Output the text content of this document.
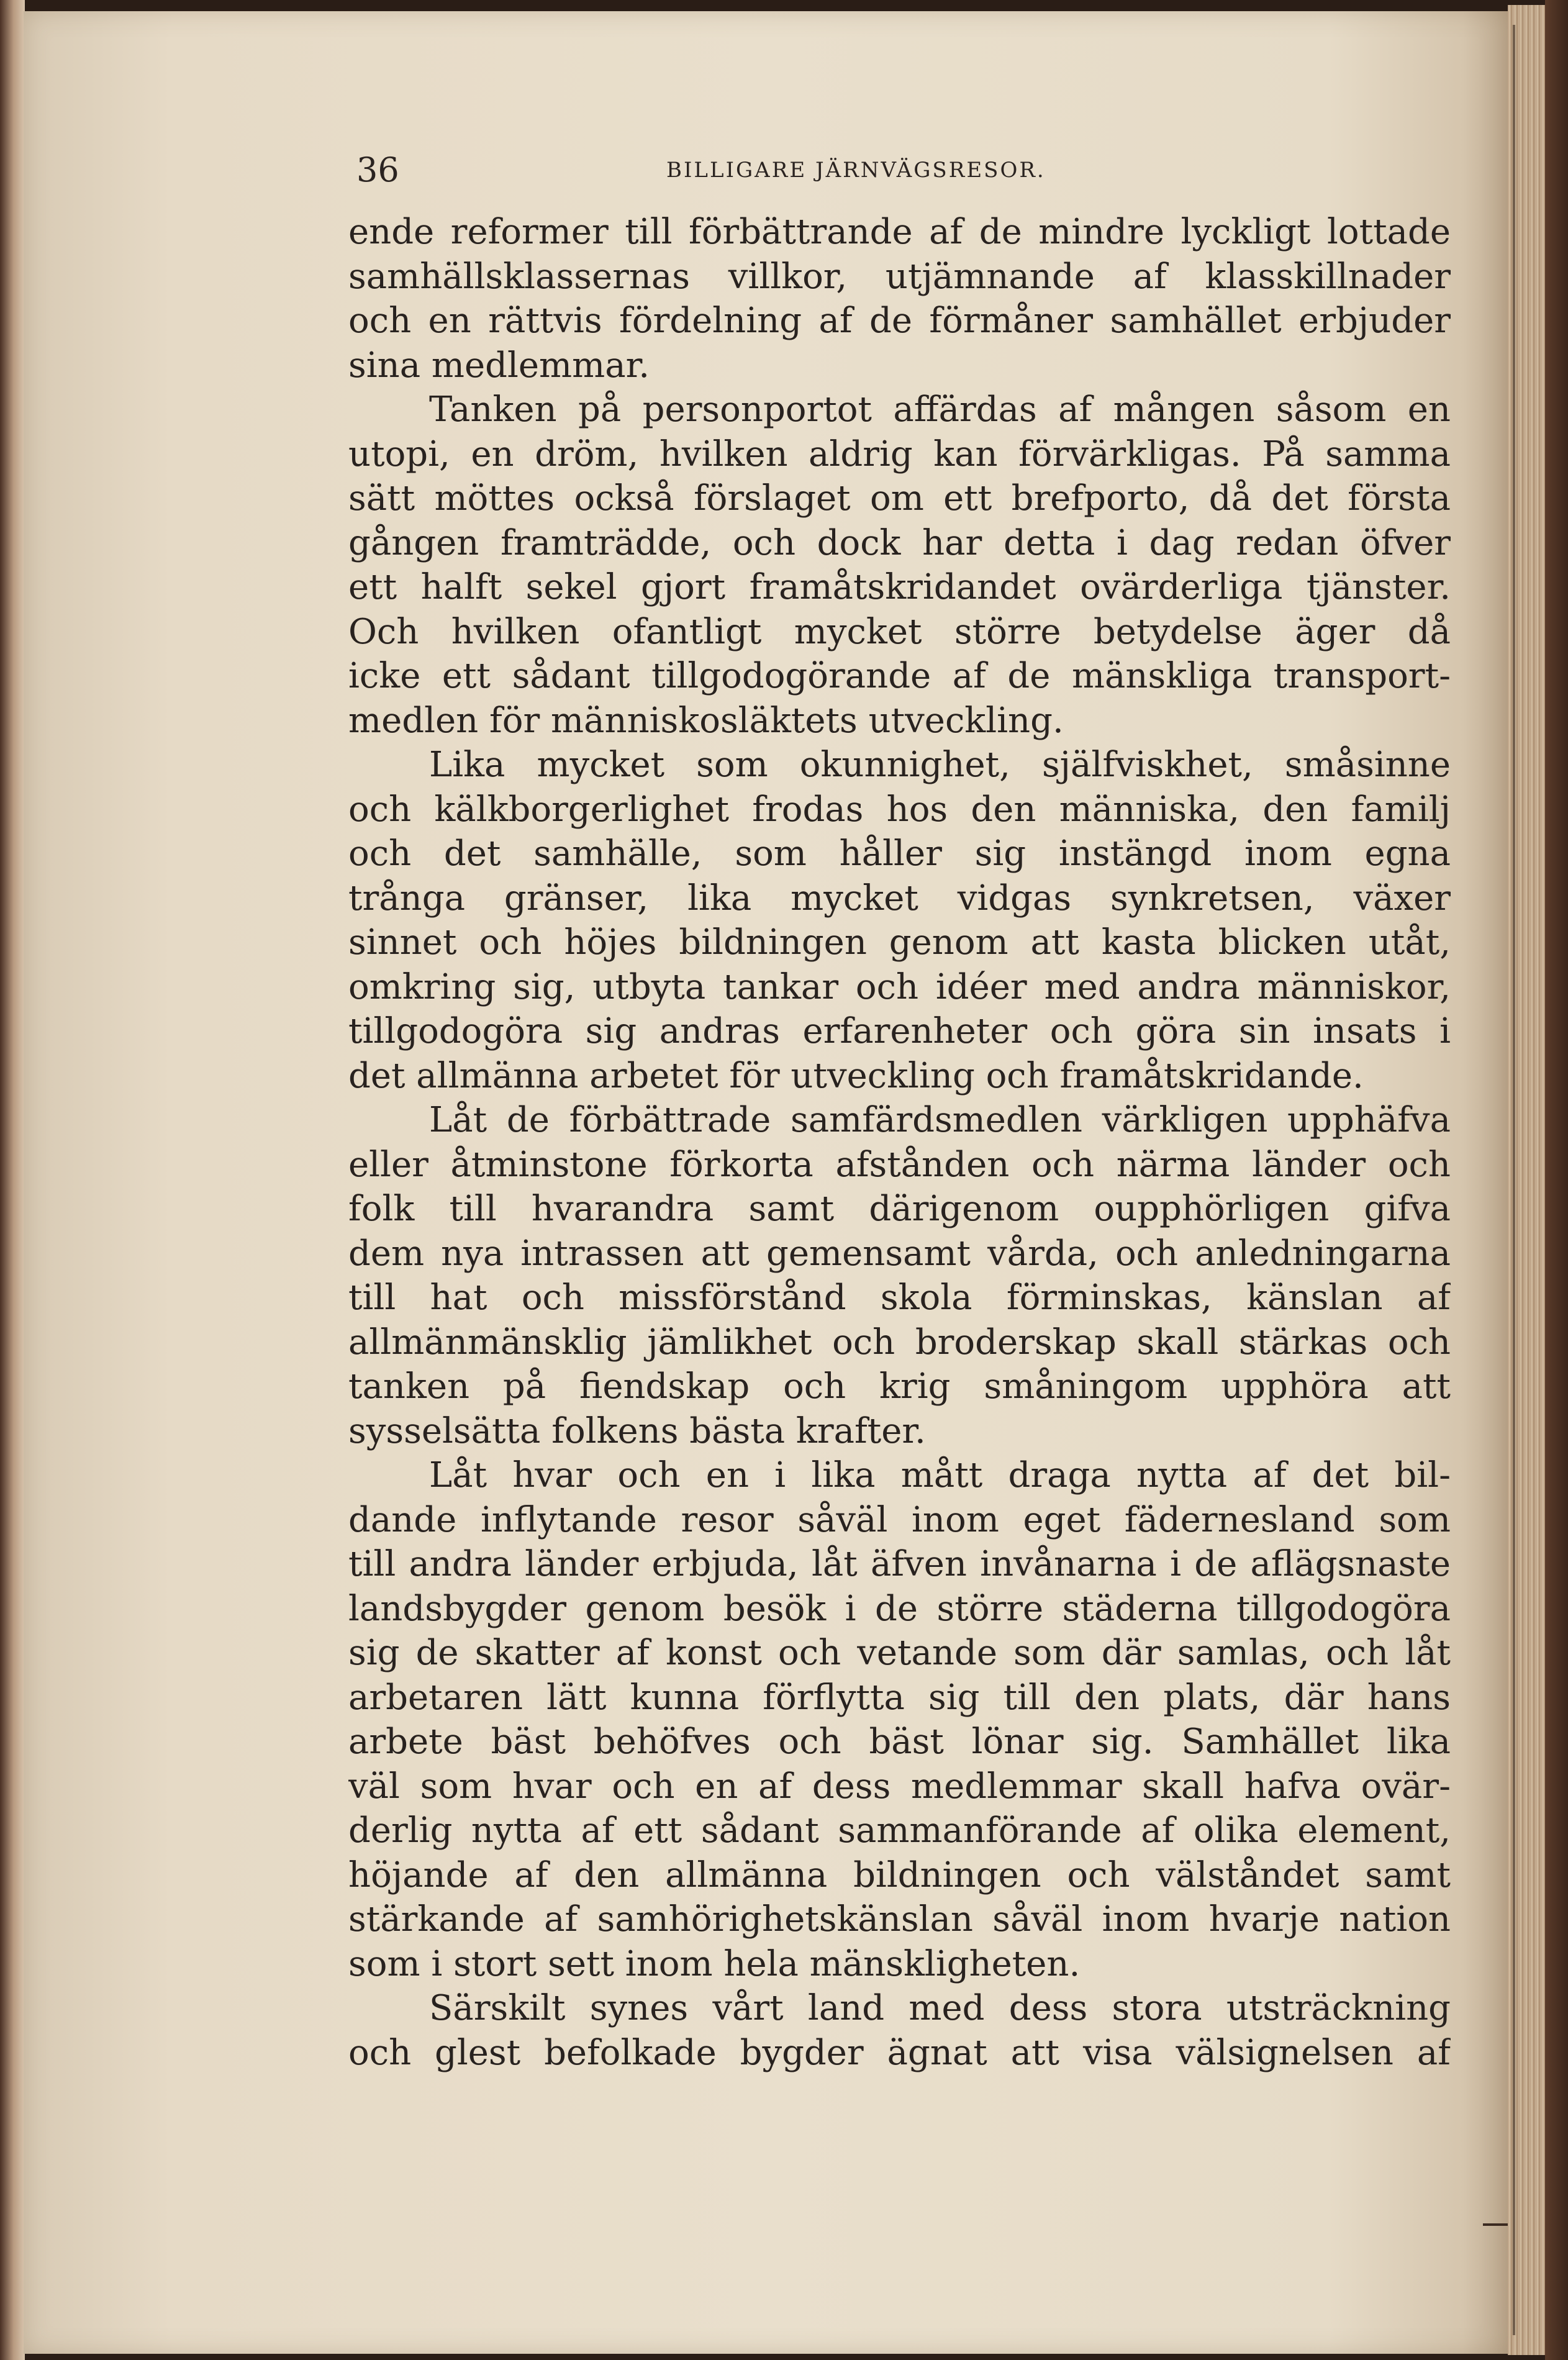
36	BILLIGARE JÄRNVÄGSRESOR.
ende reformer till förbättrande af de mindre lyckligt lottade
samhällsklassernas villkor, utjämnande af klasskillnader
och en rättvis fördelning af de förmåner samhället erbjuder
sina medlemmar.
Tanken på personportot affärdas af mången såsom en
utopi, en dröm, hvilken aldrig kan förvärkligas. På samma
sätt möttes också förslaget om ett brefporto, då det första
gången framträdde, och dock har detta i dag redan öfver
ett halft sekel gjort framåtskridandet ovärderliga tjänster.
Och hvilken ofantligt mycket större betydelse äger då
icke ett sådant tillgodogörande af de mänskliga transport-
medlen för människosläktets utveckling.
Lika mycket som okunnighet, själfviskhet, småsinne
och kälkborgerlighet frodas hos den människa, den familj
och det samhälle, som håller sig instängd inom egna
trånga gränser, lika mycket vidgas synkretsen, växer
sinnet och höjes bildningen genom att kasta blicken utåt,
omkring sig, utbyta tankar och idéer med andra människor,
tillgodogöra sig andras erfarenheter och göra sin insats i
det allmänna arbetet för utveckling och framåtskridande.
Låt de förbättrade samfärdsmedlen värkligen upphäfva
eller åtminstone förkorta afstånden och närma länder och
folk till hvarandra samt därigenom oupphörligen gifva
dem nya intrassen att gemensamt vårda, och anledningarna
till hat och missförstånd skola förminskas, känslan af
allmänmänsklig jämlikhet och broderskap skall stärkas och
tanken på fiendskap och krig småningom upphöra att
sysselsätta folkens bästa krafter.
Låt hvar och en i lika mått draga nytta af det bil-
dande inflytande resor såväl inom eget fädernesland som
till andra länder erbjuda, låt äfven invånarna i de aflägsnaste
landsbygder genom besök i de större städerna tillgodogöra
sig de skatter af konst och vetande som där samlas, och låt
arbetaren lätt kunna förflytta sig till den plats, där hans
arbete bäst behöfves och bäst lönar sig. Samhället lika
väl som hvar och en af dess medlemmar skall hafva ovär-
derlig nytta af ett sådant sammanförande af olika element,
höjande af den allmänna bildningen och välståndet samt
stärkande af samhörighetskänslan såväl inom hvarje nation
som i stort sett inom hela mänskligheten.
Särskilt synes vårt land med dess stora utsträckning
och glest befolkade bygder ägnat att visa välsignelsen af
